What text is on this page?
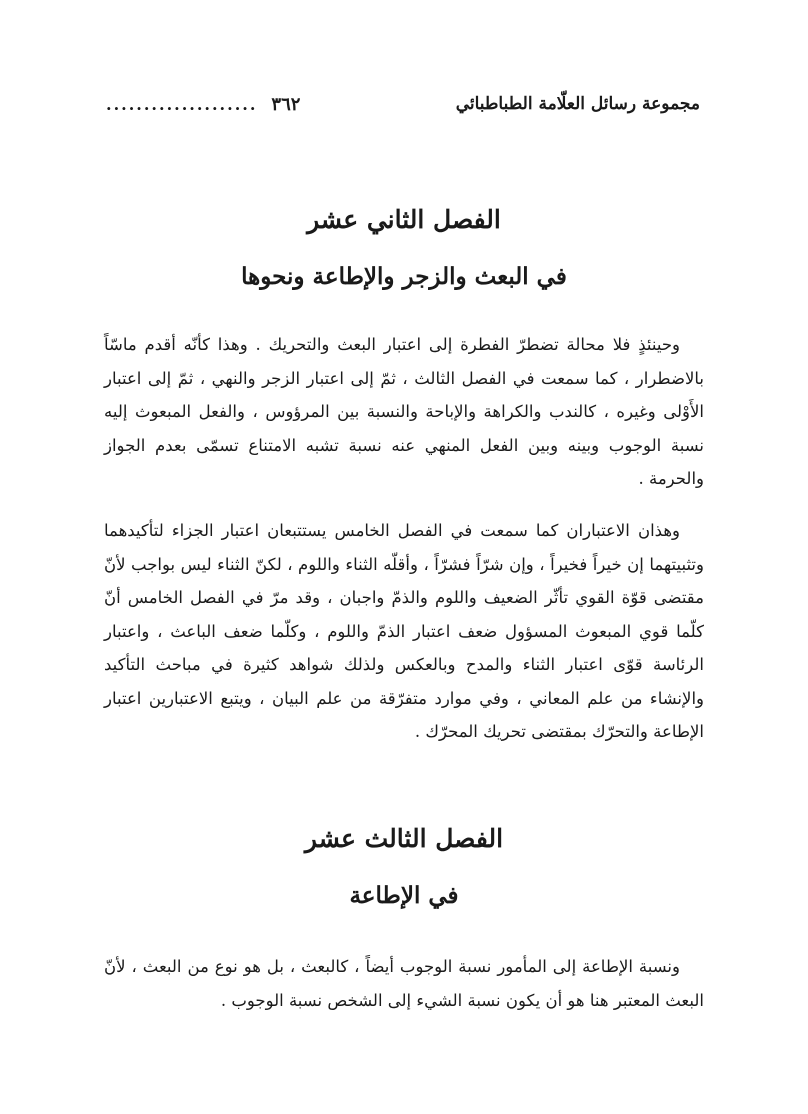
٣٦٢
....................	مجموعة رسائل العلّامة الطباطبائي
الفصل الثاني عشر
في البعث والزجر والإطاعة ونحوها

وحينئذٍ فلا محالة تضطرّ الفطرة إلى اعتبار البعث والتحريك . وهذا كأنّه أقدم ماسّاً بالاضطرار ، كما سمعت في الفصل الثالث ، ثمّ إلى اعتبار الزجر والنهي ، ثمّ إلى اعتبار الأَوْلى وغيره ، كالندب والكراهة والإباحة والنسبة بين المرؤوس ، والفعل المبعوث إليه نسبة الوجوب وبينه وبين الفعل المنهي عنه نسبة تشبه الامتناع تسمّى بعدم الجواز والحرمة .

وهذان الاعتباران كما سمعت في الفصل الخامس يستتبعان اعتبار الجزاء لتأكيدهما وتثبيتهما إن خيراً فخيراً ، وإن شرّاً فشرّاً ، وأقلّه الثناء واللوم ، لكنّ الثناء ليس بواجب لأنّ مقتضى قوّة القوي تأثّر الضعيف واللوم والذمّ واجبان ، وقد مرّ في الفصل الخامس أنّ كلّما قوي المبعوث المسؤول ضعف اعتبار الذمّ واللوم ، وكلّما ضعف الباعث ، واعتبار الرئاسة قوّى اعتبار الثناء والمدح وبالعكس ولذلك شواهد كثيرة في مباحث التأكيد والإنشاء من علم المعاني ، وفي موارد متفرّقة من علم البيان ، ويتبع الاعتبارين اعتبار الإطاعة والتحرّك بمقتضى تحريك المحرّك .

الفصل الثالث عشر
في الإطاعة

ونسبة الإطاعة إلى المأمور نسبة الوجوب أيضاً ، كالبعث ، بل هو نوع من البعث ، لأنّ البعث المعتبر هنا هو أن يكون نسبة الشيء إلى الشخص نسبة الوجوب .
